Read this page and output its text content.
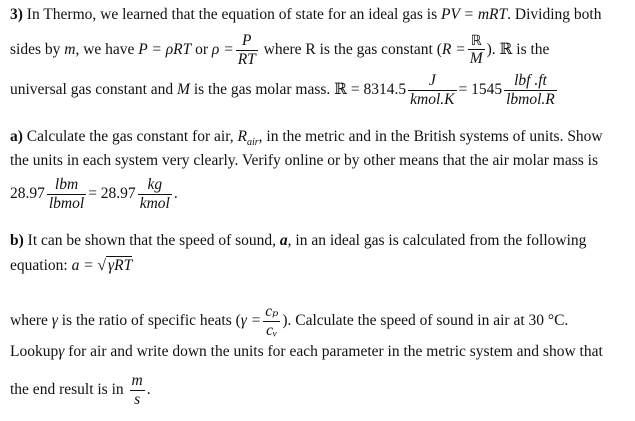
3) In Thermo, we learned that the equation of state for an ideal gas is PV = mRT. Dividing both
sides by m, we have P = ρRT or $\rho = \frac{P}{RT}$ where R is the gas constant ($R = \frac{\text{ℝ}}{M}$ ). ℝ is the
universal gas constant and M is the gas molar mass. ℝ = $8314.5 \frac{J}{\text{kmol.K}} = 1545 \frac{\text{lbf .ft}}{\text{lbmol.R}}$
a) Calculate the gas constant for air, $R_{air}$, in the metric and in the British systems of units. Show
the units in each system very clearly. Verify online or by other means that the air molar mass is
$28.97 \frac{\text{lbm}}{\text{lbmol}} = 28.97 \frac{kg}{\text{kmol}}$ .
b) It can be shown that the speed of sound, a, in an ideal gas is calculated from the following
equation: a = √ γRT
where γ is the ratio of specific heats ($\gamma = \frac{\text{cₚ}}{\text{cᵥ}}$ ). Calculate the speed of sound in air at 30 °C.
Lookupγ for air and write down the units for each parameter in the metric system and show that
the end result is in $\frac{m}{s}$ .
